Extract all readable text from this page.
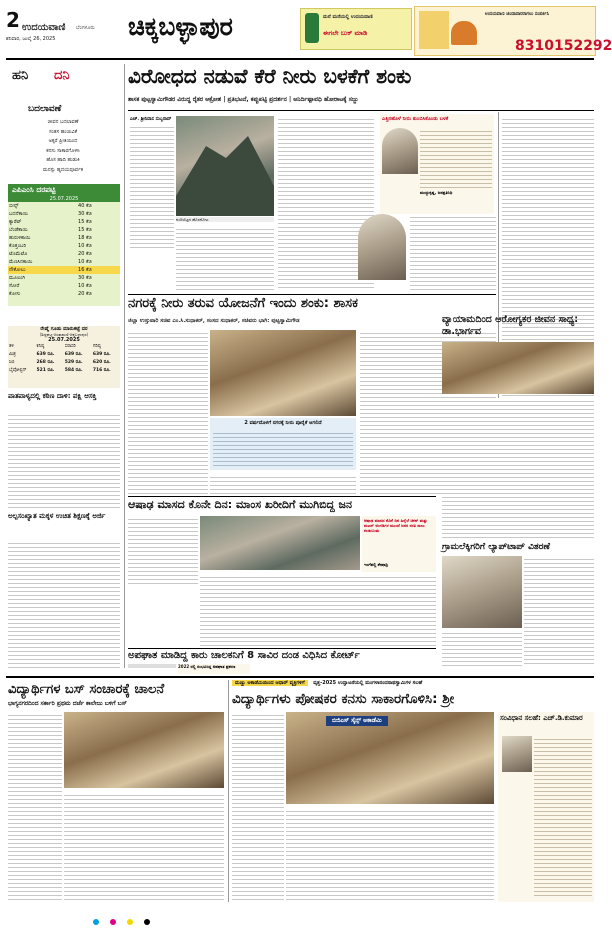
2 ಉದಯವಾಣಿ ಬೆಂಗಳೂರು
ಶನಿವಾರ, ಜುಲೈ 26, 2025	ಚಿಕ್ಕಬಳ್ಳಾಪುರ	ಮನೆ ಮನೆಯಲ್ಲಿ ಉದಯವಾಣಿ
ಈಗಲೇ ಬುಕ್ ಮಾಡಿ
ಉದಯವಾಣಿ ಚಂದಾದಾರರಾಗಲು ಸಂಪರ್ಕಿಸಿ
8310152292
ಹನಿ ದನಿ
ಬದಲಾವಣೆ
ಜೀವನ ಬದಲಾವಣೆ
ಸಂತಸ ಹಂಚುವಿಕೆ
ಅಕ್ಕರೆ ಪ್ರೀತಿಯಿಂದ
ಕನಸು ಸಾಕಾರಗೊಳಿಸಿ
ಹೊಸ ಹಾದಿ ಹುಡುಕಿ
ಮನಸ್ಸು ಹೃದಯಪೂರ್ವಕ
ಎಪಿಎಂಸಿ ದರಪಟ್ಟಿ
25.07.2025
ಬೀನ್ಸ್	40 ಕೆಜಿ
ಬದನೆಕಾಯಿ	30 ಕೆಜಿ
ಕ್ಯಾರೆಟ್	15 ಕೆಜಿ
ಬೆಂಡೆಕಾಯಿ	15 ಕೆಜಿ
ಹುರುಳಿಕಾಯಿ	18 ಕೆಜಿ
ಕೊತ್ತಂಬರಿ	10 ಕೆಜಿ
ಟೊಮೆಟೊ	20 ಕೆಜಿ
ಮೆಣಸಿನಕಾಯಿ	10 ಕೆಜಿ
ನೌಕೋಲು	16 ಕೆಜಿ
ಮೂಲಂಗಿ	30 ಕೆಜಿ
ಸೋರೆ	10 ಕೆಜಿ
ಕೋಸು	20 ಕೆಜಿ
ರೇಷ್ಮೆ ಗೂಡು ಮಾರುಕಟ್ಟೆ ದರ
(ಶಿಡ್ಲಘಟ್ಟ-ಚಿಂತಾಮಣಿ-ಚಿಕ್ಕಬಳ್ಳಾಪುರ)
25.07.2025
ತಳಿ	ಕನಿಷ್ಠ	ಸರಾಸರಿ	ಗರಿಷ್ಠ
ಮಿಶ್ರ	639 ರೂ.	639 ರೂ.	639 ರೂ.
ಸಿಬಿ	268 ರೂ.	529 ರೂ.	620 ರೂ.
ಬೈವೋಲ್ಟಿನ್	521 ರೂ.	584 ರೂ.	716 ರೂ.
ಪಾತಪಾಳ್ಯದಲ್ಲಿ ಕಠಿಣ ದಾಳಿ: ಪಕ್ಷಿ ಆಸಕ್ತಿ
ಅಲ್ಪಸಂಖ್ಯಾತ ಮಕ್ಕಳ ಉಚಿತ ಶಿಕ್ಷಣಕ್ಕೆ ಅರ್ಜಿ
ವಿರೋಧದ ನಡುವೆ ಕೆರೆ ನೀರು ಬಳಕೆಗೆ ಶಂಕು
ಶಾಸಕ ಪುಟ್ಟಸ್ವಾಮಿಗೌಡರ ವಿರುದ್ಧ ರೈತರ ಆಕ್ರೋಶ | ಪ್ರತಿಭಟನೆ, ಕಪ್ಪುಪಟ್ಟಿ ಪ್ರದರ್ಶನ | ಅನಿರ್ದಿಷ್ಟಾವಧಿ ಹೋರಾಟಕ್ಕೆ ಸಜ್ಜು
ಎಚ್. ಶ್ರೀನಿವಾಸ ಸುಬ್ಬರಾವ್
ನಂದಿಬೆಟ್ಟದ ಹೊರನೋಟ
ಎತ್ತಿನಹೊಳೆ ನೀರು ತುಂಬಿಸಿಕೊಂಡು ಬಳಕೆ
ಮುದ್ದುಕೃಷ್ಣ, ಜನಪ್ರತಿನಿಧಿ
ನಗರಕ್ಕೆ ನೀರು ತರುವ ಯೋಜನೆಗೆ ಇಂದು ಶಂಕು: ಶಾಸಕ
ಜಿಲ್ಲಾ ಉಸ್ತುವಾರಿ ಸಚಿವ ಎಂ.ಸಿ.ಸುಧಾಕರ್, ಸಂಸದ ಸುಧಾಕರ್, ಸಚಿವರು ಭಾಗಿ: ಪುಟ್ಟಸ್ವಾಮಿಗೌಡ
2 ವರ್ಷದೊಳಗೆ ನಗರಕ್ಕೆ ನೀರು ಪೂರೈಕೆ ಆಗಲಿದೆ
ವ್ಯಾಯಾಮದಿಂದ ಆರೋಗ್ಯಕರ ಜೀವನ ಸಾಧ್ಯ: ಡಾ.ಭಾರ್ಗವ
ಆಷಾಢ ಮಾಸದ ಕೊನೇ ದಿನ: ಮಾಂಸ ಖರೀದಿಗೆ ಮುಗಿಬಿದ್ದ ಜನ
ಆಷಾಢ ಮಾಸದ ಕೊನೆ ದಿನ ಹಿನ್ನೆಲೆ ಚಿಕನ್ ಮತ್ತು ಮಟನ್ ಅಂಗಡಿಗಳ ಮುಂದೆ ಜನರ ಸರತಿ ಸಾಲು ಕಂಡುಬಂತು
ಇಂಗೆಪಲ್ಲಿ ಶೇಷಾದ್ರಿ
ಗ್ರಾಮಲೆಕ್ಕಿಗರಿಗೆ ಲ್ಯಾಪ್‌ಟಾಪ್ ವಿತರಣೆ
ಅಪಘಾತ ಮಾಡಿದ್ದ ಕಾರು ಚಾಲಕನಿಗೆ 8 ಸಾವಿರ ದಂಡ ವಿಧಿಸಿದ ಕೋರ್ಟ್
2022 ರಲ್ಲಿ ಸಂಭವಿಸಿದ್ದ ಅಪಘಾತ ಪ್ರಕರಣ
ವಿದ್ಯಾರ್ಥಿಗಳ ಬಸ್ ಸಂಚಾರಕ್ಕೆ ಚಾಲನೆ
ಭಾಗ್ಯನಗರದಿಂದ ಸರ್ಕಾರಿ ಪ್ರಥಮ ದರ್ಜೆ ಕಾಲೇಜು ಬಳಿಗೆ ಬಸ್
ಮಣ್ಣು ಅಕಾಡೆಮಿಯಿಂದ ಆಧಾರ್ ವ್ಯಕ್ತಿಗಳಿಗೆ ವೃತ್ತ-2025 ಉದ್ಘಾಟನೆಯಲ್ಲಿ ಮಂಗಳಾನಂದನಾಥಸ್ವಾಮಿಗಳ ಸಲಹೆ
ವಿದ್ಯಾರ್ಥಿಗಳು ಪೋಷಕರ ಕನಸು ಸಾಕಾರಗೊಳಿಸಿ: ಶ್ರೀ
ಬಿಜಿಎಸ್ ಸೈನ್ಸ್ ಅಕಾಡೆಮಿ	ಸಂವಿಧಾನ ಸಲಹೆ: ಎಚ್.ಡಿ.ಕುಮಾರ
